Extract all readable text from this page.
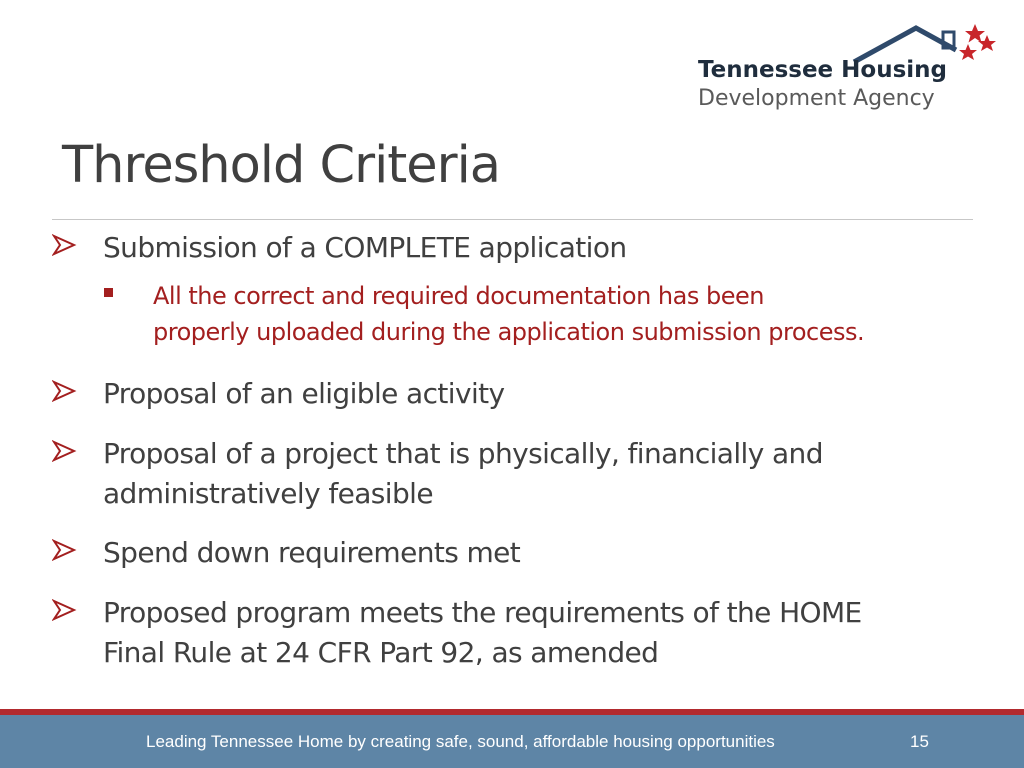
Tennessee Housing
Development Agency
Threshold Criteria
Submission of a COMPLETE application
All the correct and required documentation has been
properly uploaded during the application submission process.
Proposal of an eligible activity
Proposal of a project that is physically, financially and
administratively feasible
Spend down requirements met
Proposed program meets the requirements of the HOME
Final Rule at 24 CFR Part 92, as amended
Leading Tennessee Home by creating safe, sound, affordable housing opportunities	15
